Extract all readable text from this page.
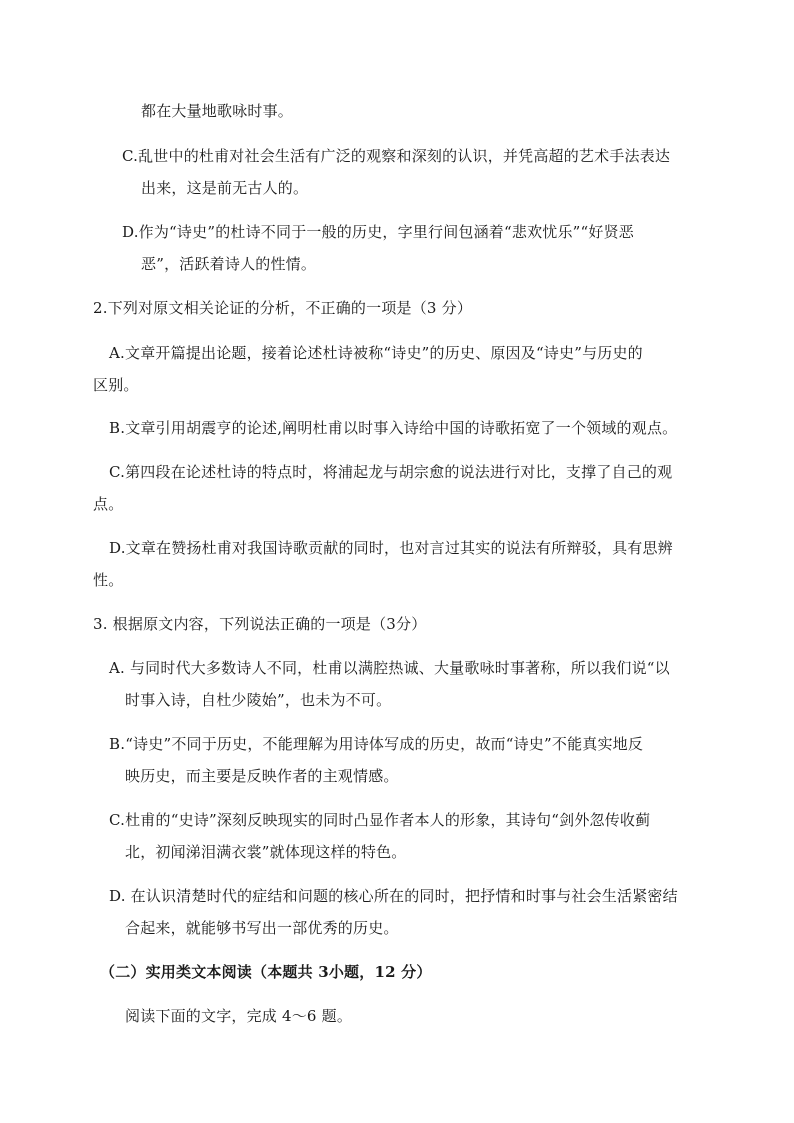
都在大量地歌咏时事。
C.乱世中的杜甫对社会生活有广泛的观察和深刻的认识，并凭高超的艺术手法表达
出来，这是前无古人的。
D.作为“诗史”的杜诗不同于一般的历史，字里行间包涵着“悲欢忧乐”“好贤恶
恶”，活跃着诗人的性情。
2.下列对原文相关论证的分析，不正确的一项是（3 分）
A.文章开篇提出论题，接着论述杜诗被称“诗史”的历史、原因及“诗史”与历史的
区别。
B.文章引用胡震亨的论述,阐明杜甫以时事入诗给中国的诗歌拓宽了一个领域的观点。
C.第四段在论述杜诗的特点时，将浦起龙与胡宗愈的说法进行对比，支撑了自己的观
点。
D.文章在赞扬杜甫对我国诗歌贡献的同时，也对言过其实的说法有所辩驳，具有思辨
性。
3. 根据原文内容，下列说法正确的一项是（3分）
A. 与同时代大多数诗人不同，杜甫以满腔热诚、大量歌咏时事著称，所以我们说“以
时事入诗，自杜少陵始”，也未为不可。
B.“诗史”不同于历史，不能理解为用诗体写成的历史，故而“诗史”不能真实地反
映历史，而主要是反映作者的主观情感。
C.杜甫的“史诗”深刻反映现实的同时凸显作者本人的形象，其诗句“剑外忽传收蓟
北，初闻涕泪满衣裳”就体现这样的特色。
D. 在认识清楚时代的症结和问题的核心所在的同时，把抒情和时事与社会生活紧密结
合起来，就能够书写出一部优秀的历史。
（二）实用类文本阅读（本题共 3小题，12 分）
阅读下面的文字，完成 4～6 题。
